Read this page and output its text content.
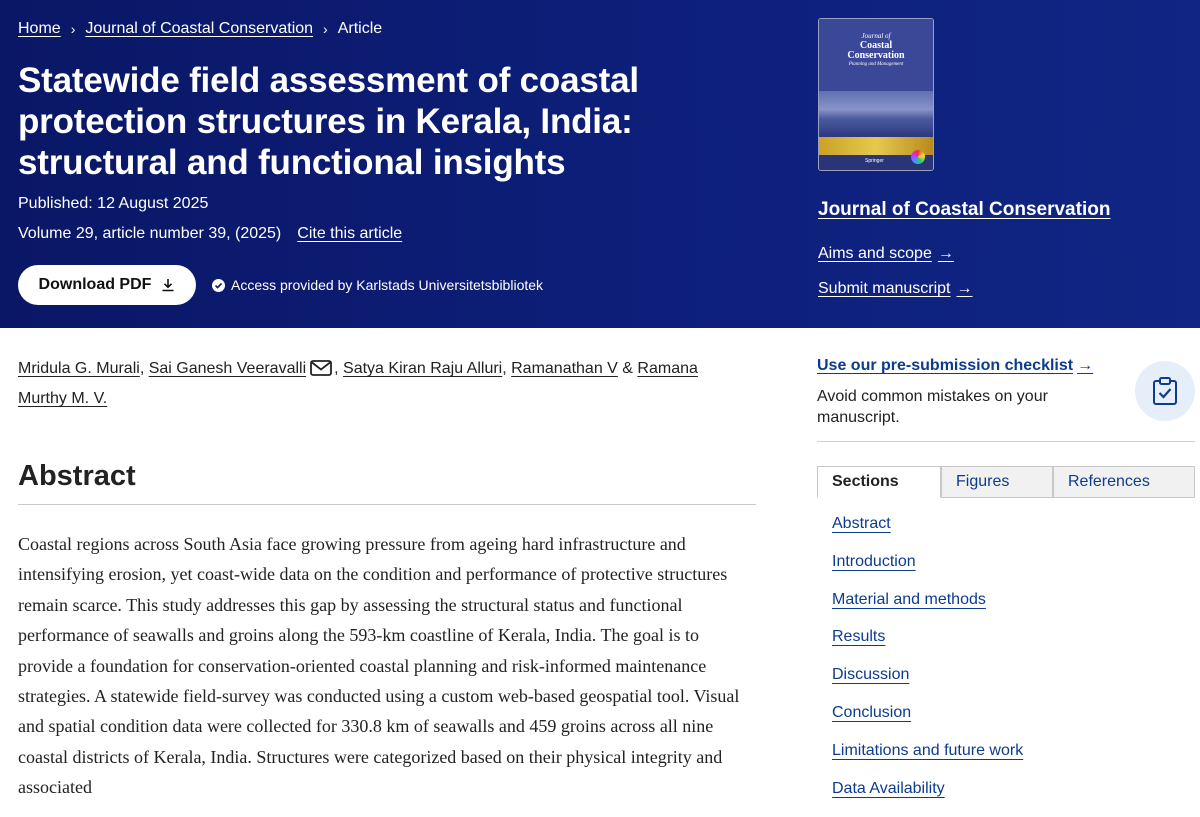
Home › Journal of Coastal Conservation › Article
Statewide field assessment of coastal protection structures in Kerala, India: structural and functional insights
Published: 12 August 2025
Volume 29, article number 39, (2025) Cite this article
Download PDF	Access provided by Karlstads Universitetsbibliotek
Journal of
Coastal
Conservation
Planning and Management
Springer
Journal of Coastal Conservation
Aims and scope →
Submit manuscript →
Mridula G. Murali, Sai Ganesh Veeravalli , Satya Kiran Raju Alluri, Ramanathan V & Ramana Murthy M. V.
Abstract

Coastal regions across South Asia face growing pressure from ageing hard infrastructure and intensifying erosion, yet coast-wide data on the condition and performance of protective structures remain scarce. This study addresses this gap by assessing the structural status and functional performance of seawalls and groins along the 593-km coastline of Kerala, India. The goal is to provide a foundation for conservation-oriented coastal planning and risk-informed maintenance strategies. A statewide field-survey was conducted using a custom web-based geospatial tool. Visual and spatial condition data were collected for 330.8 km of seawalls and 459 groins across all nine coastal districts of Kerala, India. Structures were categorized based on their physical integrity and associated

Use our pre-submission checklist →
Avoid common mistakes on your manuscript.
Sections	Figures	References
Abstract
Introduction
Material and methods
Results
Discussion
Conclusion
Limitations and future work
Data Availability
